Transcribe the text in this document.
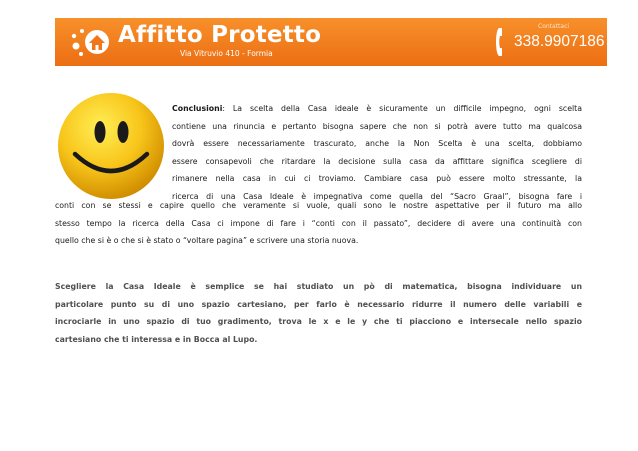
Affitto Protetto
Via Vitruvio 410 - Formia
Contattaci
338.9907186
Conclusioni: La scelta della Casa ideale è sicuramente un difficile impegno, ogni scelta
contiene una rinuncia e pertanto bisogna sapere che non si potrà avere tutto ma qualcosa
dovrà essere necessariamente trascurato, anche la Non Scelta è una scelta, dobbiamo
essere consapevoli che ritardare la decisione sulla casa da affittare significa scegliere di
rimanere nella casa in cui ci troviamo. Cambiare casa può essere molto stressante, la
ricerca di una Casa Ideale è impegnativa come quella del “Sacro Graal”, bisogna fare i
conti con se stessi e capire quello che veramente si vuole, quali sono le nostre aspettative per il futuro ma allo
stesso tempo la ricerca della Casa ci impone di fare i “conti con il passato”, decidere di avere una continuità con
quello che si è o che si è stato o “voltare pagina” e scrivere una storia nuova.
Scegliere la Casa Ideale è semplice se hai studiato un pò di matematica, bisogna individuare un
particolare punto su di uno spazio cartesiano, per farlo è necessario ridurre il numero delle variabili e
incrociarle in uno spazio di tuo gradimento, trova le x e le y che ti piacciono e intersecale nello spazio
cartesiano che ti interessa e in Bocca al Lupo.
